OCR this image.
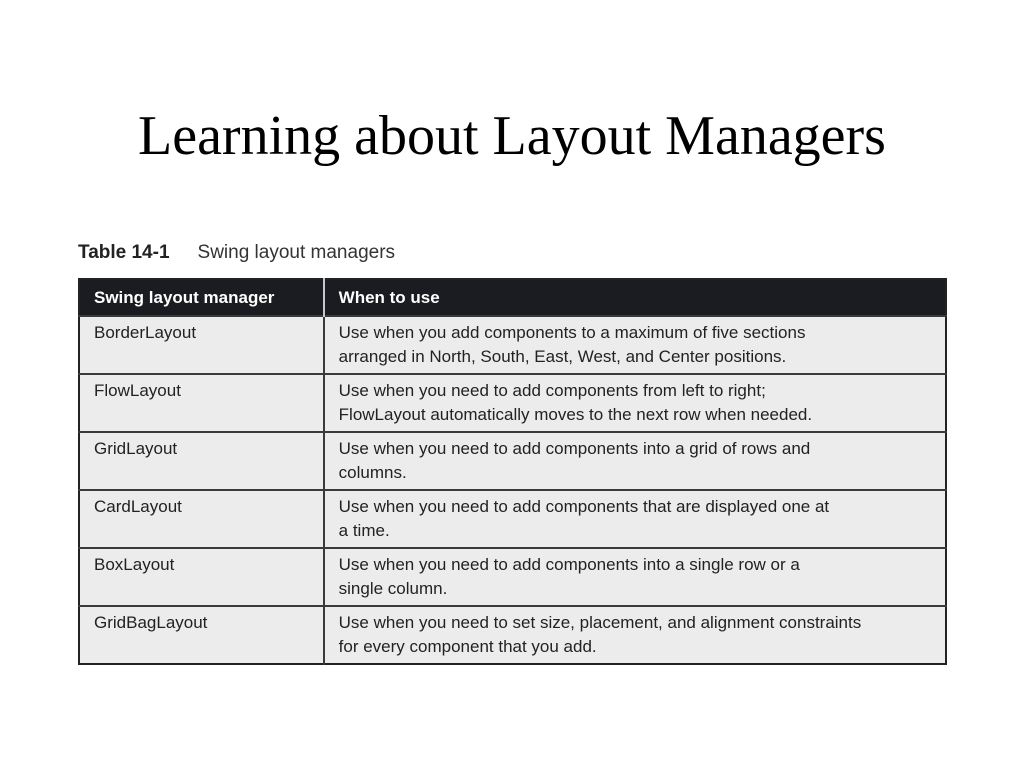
Learning about Layout Managers
Table 14-1 Swing layout managers
Swing layout manager	When to use
BorderLayout	Use when you add components to a maximum of five sections
arranged in North, South, East, West, and Center positions.

FlowLayout	Use when you need to add components from left to right;
FlowLayout automatically moves to the next row when needed.

GridLayout	Use when you need to add components into a grid of rows and
columns.

CardLayout	Use when you need to add components that are displayed one at
a time.

BoxLayout	Use when you need to add components into a single row or a
single column.

GridBagLayout	Use when you need to set size, placement, and alignment constraints
for every component that you add.
